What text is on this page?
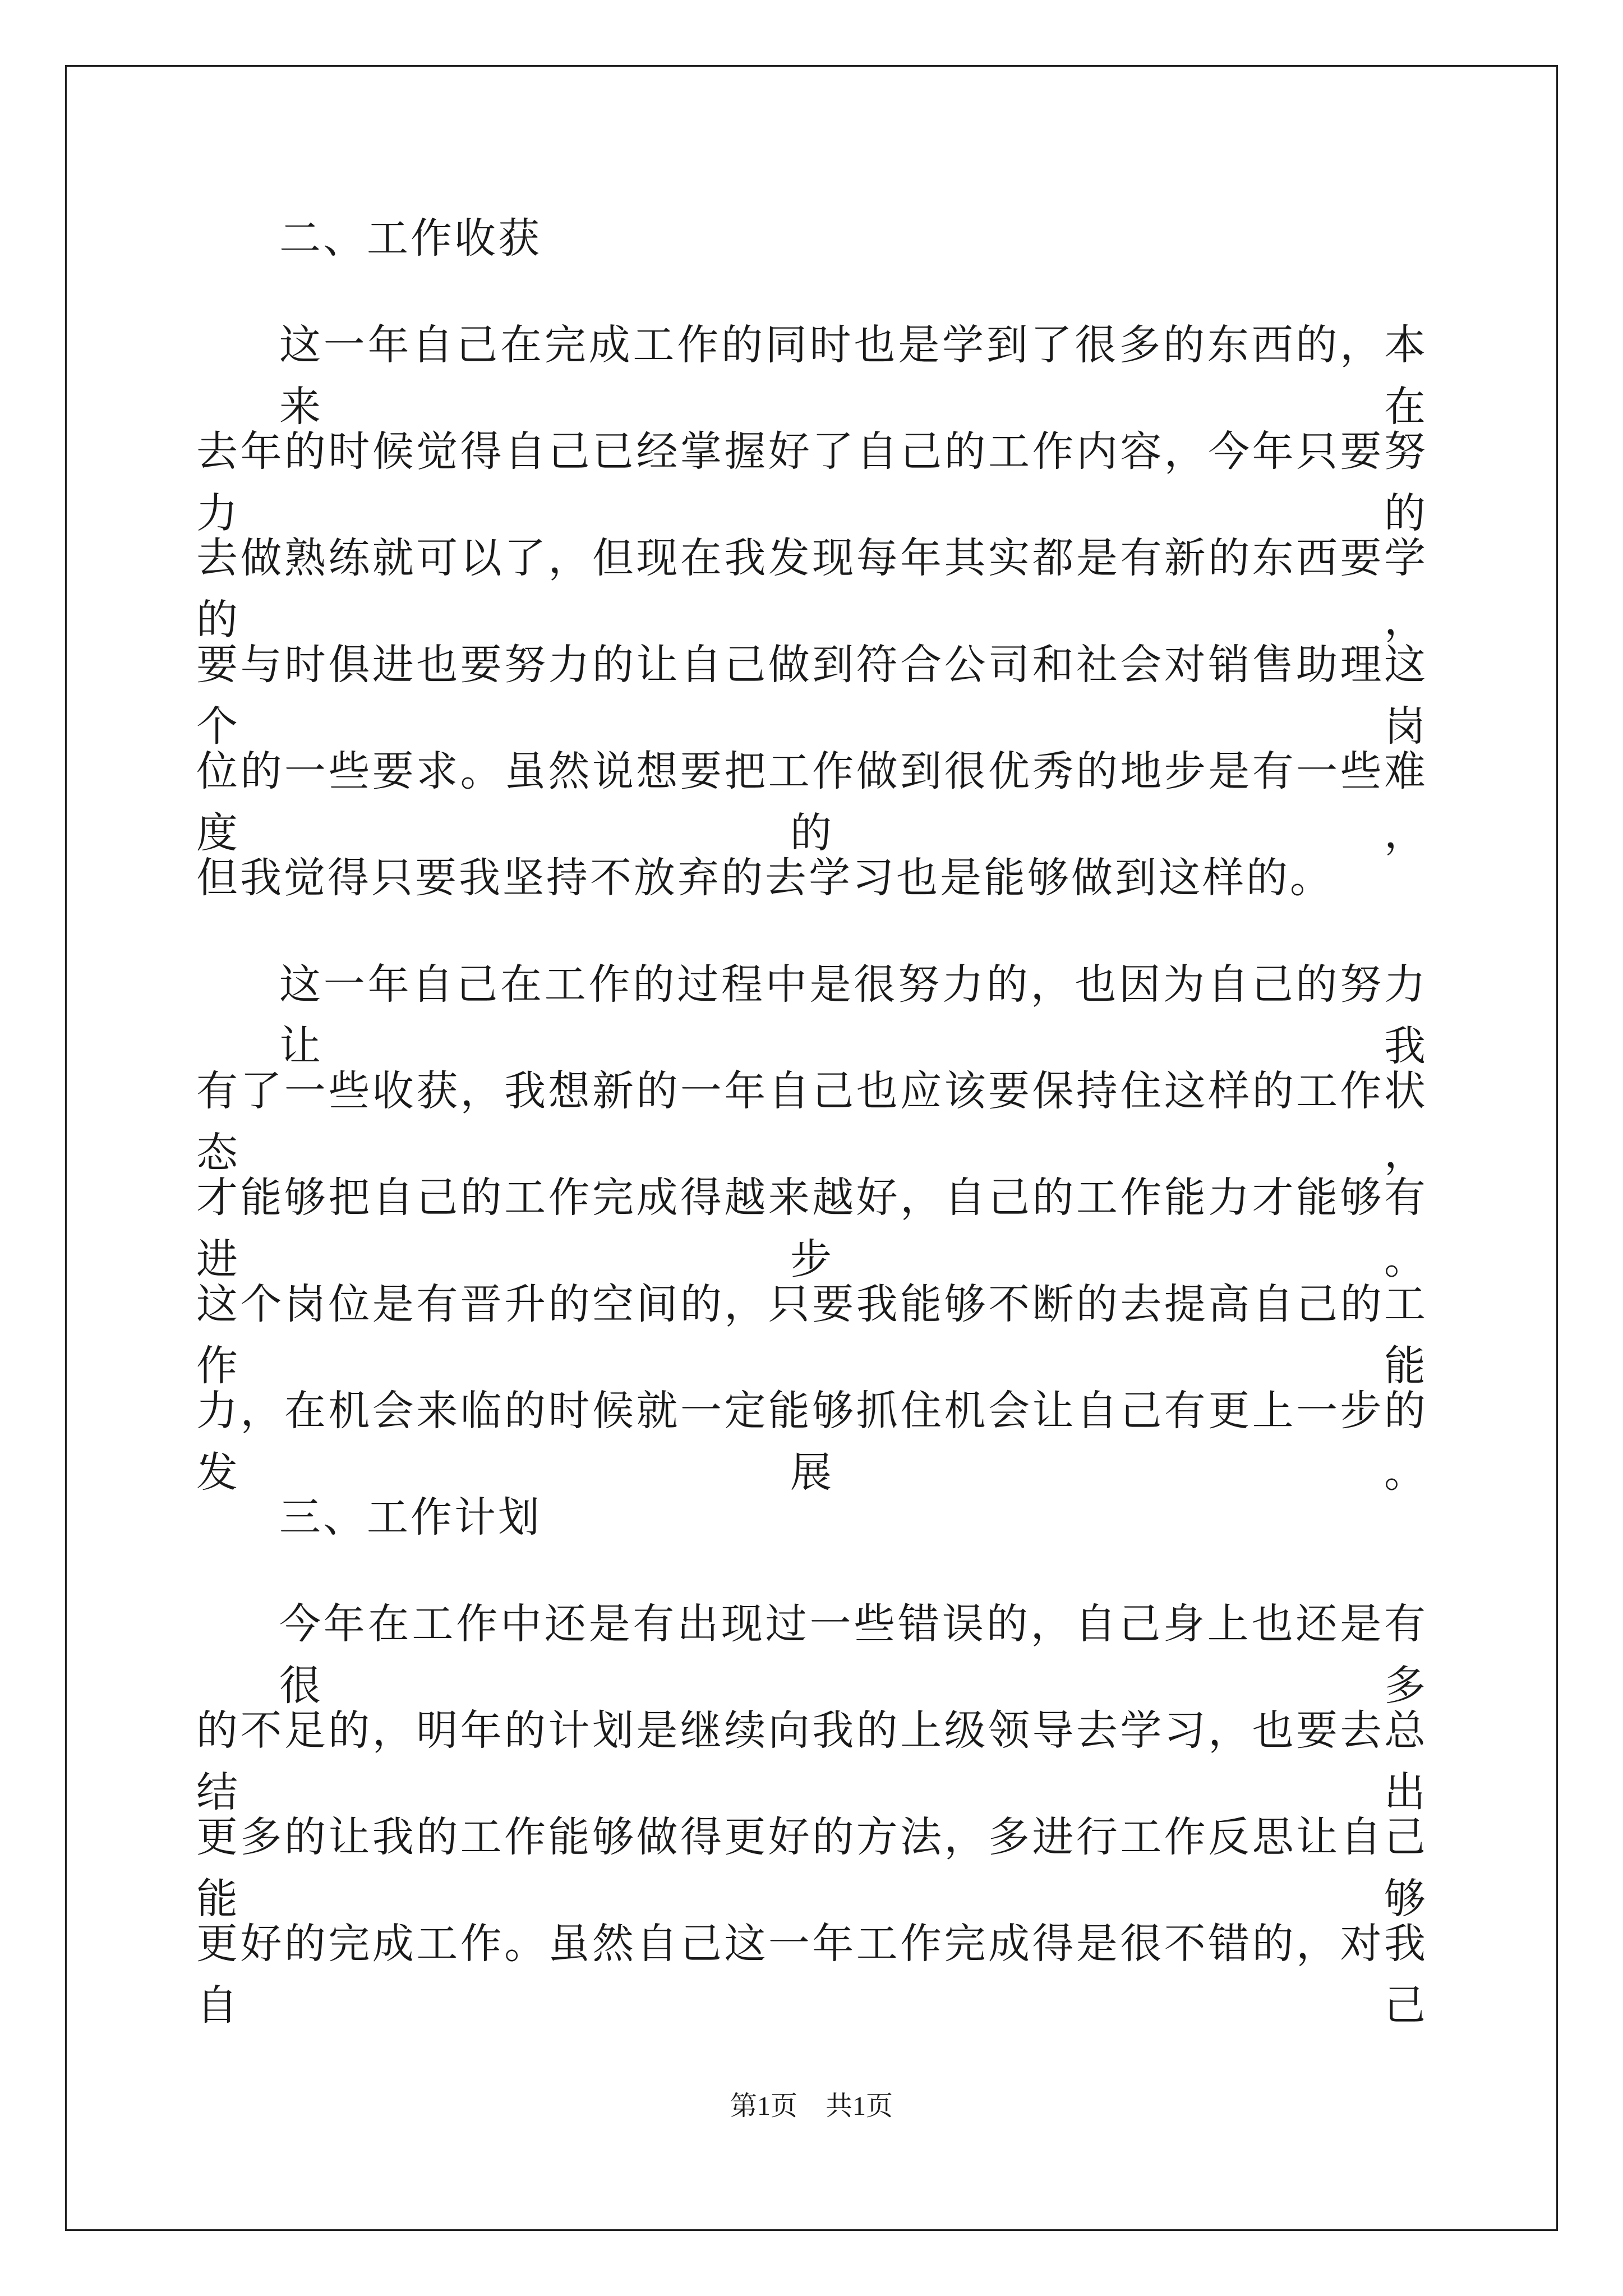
二、工作收获
这一年自己在完成工作的同时也是学到了很多的东西的，本来在
去年的时候觉得自己已经掌握好了自己的工作内容，今年只要努力的
去做熟练就可以了，但现在我发现每年其实都是有新的东西要学的，
要与时俱进也要努力的让自己做到符合公司和社会对销售助理这个岗
位的一些要求。虽然说想要把工作做到很优秀的地步是有一些难度的，
但我觉得只要我坚持不放弃的去学习也是能够做到这样的。
这一年自己在工作的过程中是很努力的，也因为自己的努力让我
有了一些收获，我想新的一年自己也应该要保持住这样的工作状态，
才能够把自己的工作完成得越来越好，自己的工作能力才能够有进步。
这个岗位是有晋升的空间的，只要我能够不断的去提高自己的工作能
力，在机会来临的时候就一定能够抓住机会让自己有更上一步的发展。
三、工作计划
今年在工作中还是有出现过一些错误的，自己身上也还是有很多
的不足的，明年的计划是继续向我的上级领导去学习，也要去总结出
更多的让我的工作能够做得更好的方法，多进行工作反思让自己能够
更好的完成工作。虽然自己这一年工作完成得是很不错的，对我自己
第1页 共1页
